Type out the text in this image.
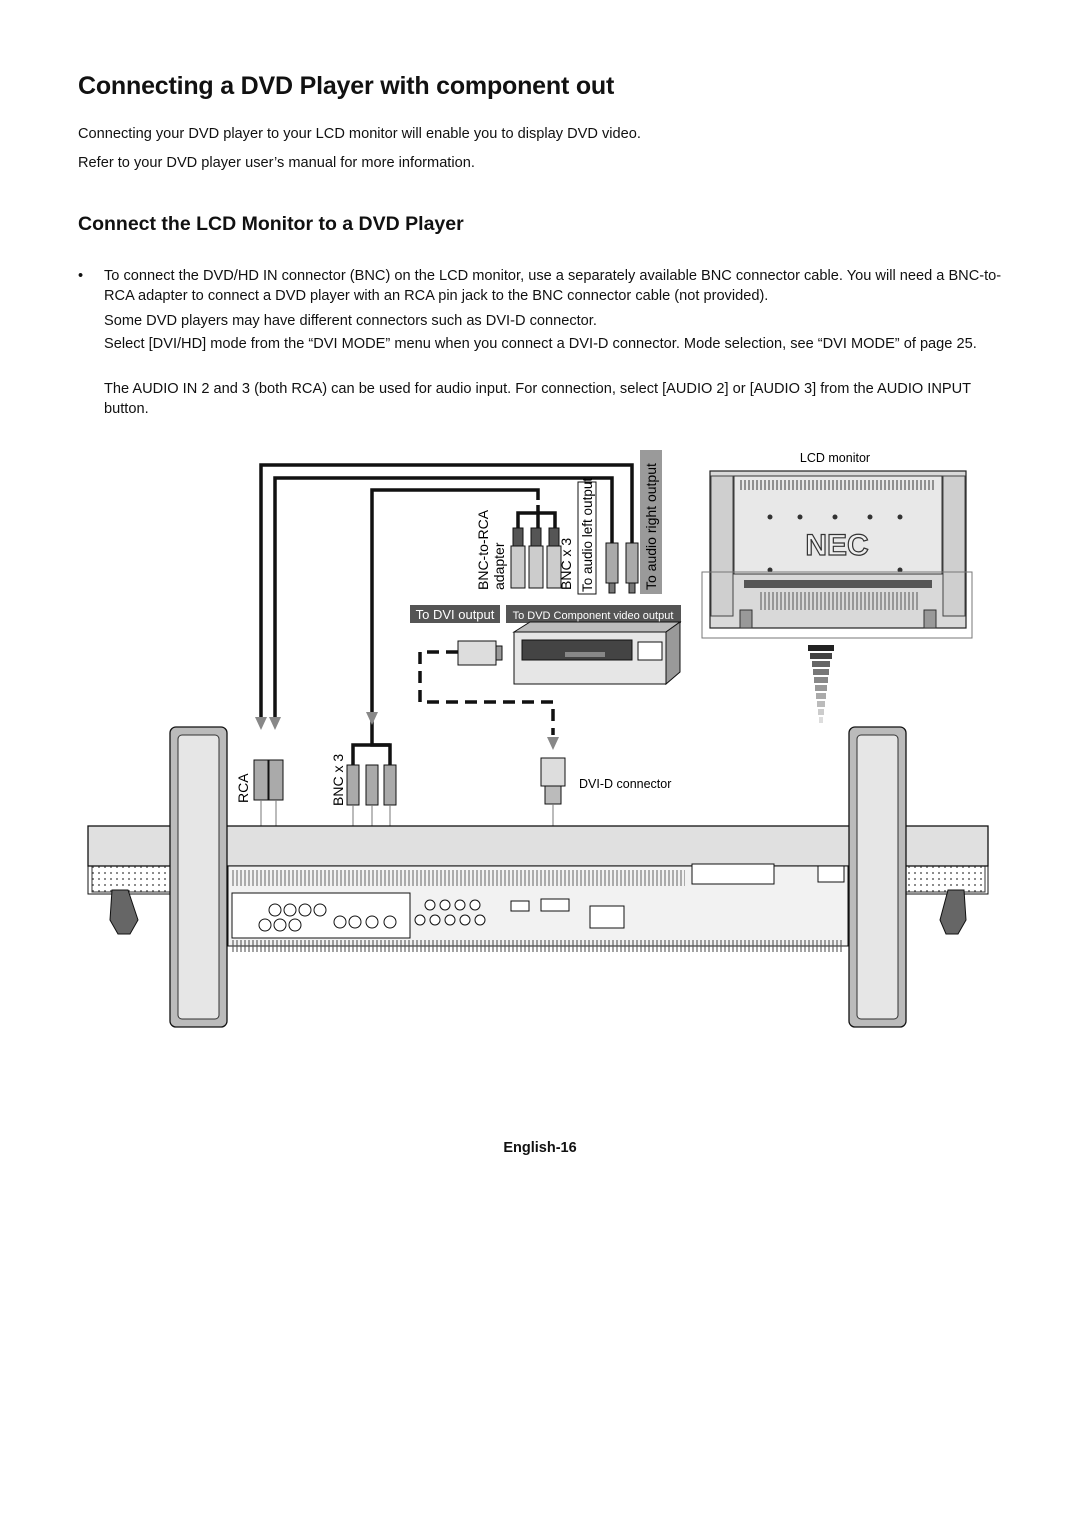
Connecting a DVD Player with component out

Connecting your DVD player to your LCD monitor will enable you to display DVD video.

Refer to your DVD player user’s manual for more information.

Connect the LCD Monitor to a DVD Player
• To connect the DVD/HD IN connector (BNC) on the LCD monitor, use a separately available BNC connector cable. You will need a BNC-to-RCA adapter to connect a DVD player with an RCA pin jack to the BNC connector cable (not provided).
Some DVD players may have different connectors such as DVI-D connector.
Select [DVI/HD] mode from the “DVI MODE” menu when you connect a DVI-D connector. Mode selection, see “DVI MODE” of page 25.
The AUDIO IN 2 and 3 (both RCA) can be used for audio input. For connection, select [AUDIO 2] or [AUDIO 3] from the AUDIO INPUT button.
LCD monitor
NEC
BNC-to-RCA adapter	BNC x 3 To audio left output	To audio right output
To DVI output To DVD Component video output
DVI-D connector
RCA	BNC x 3
English-16
